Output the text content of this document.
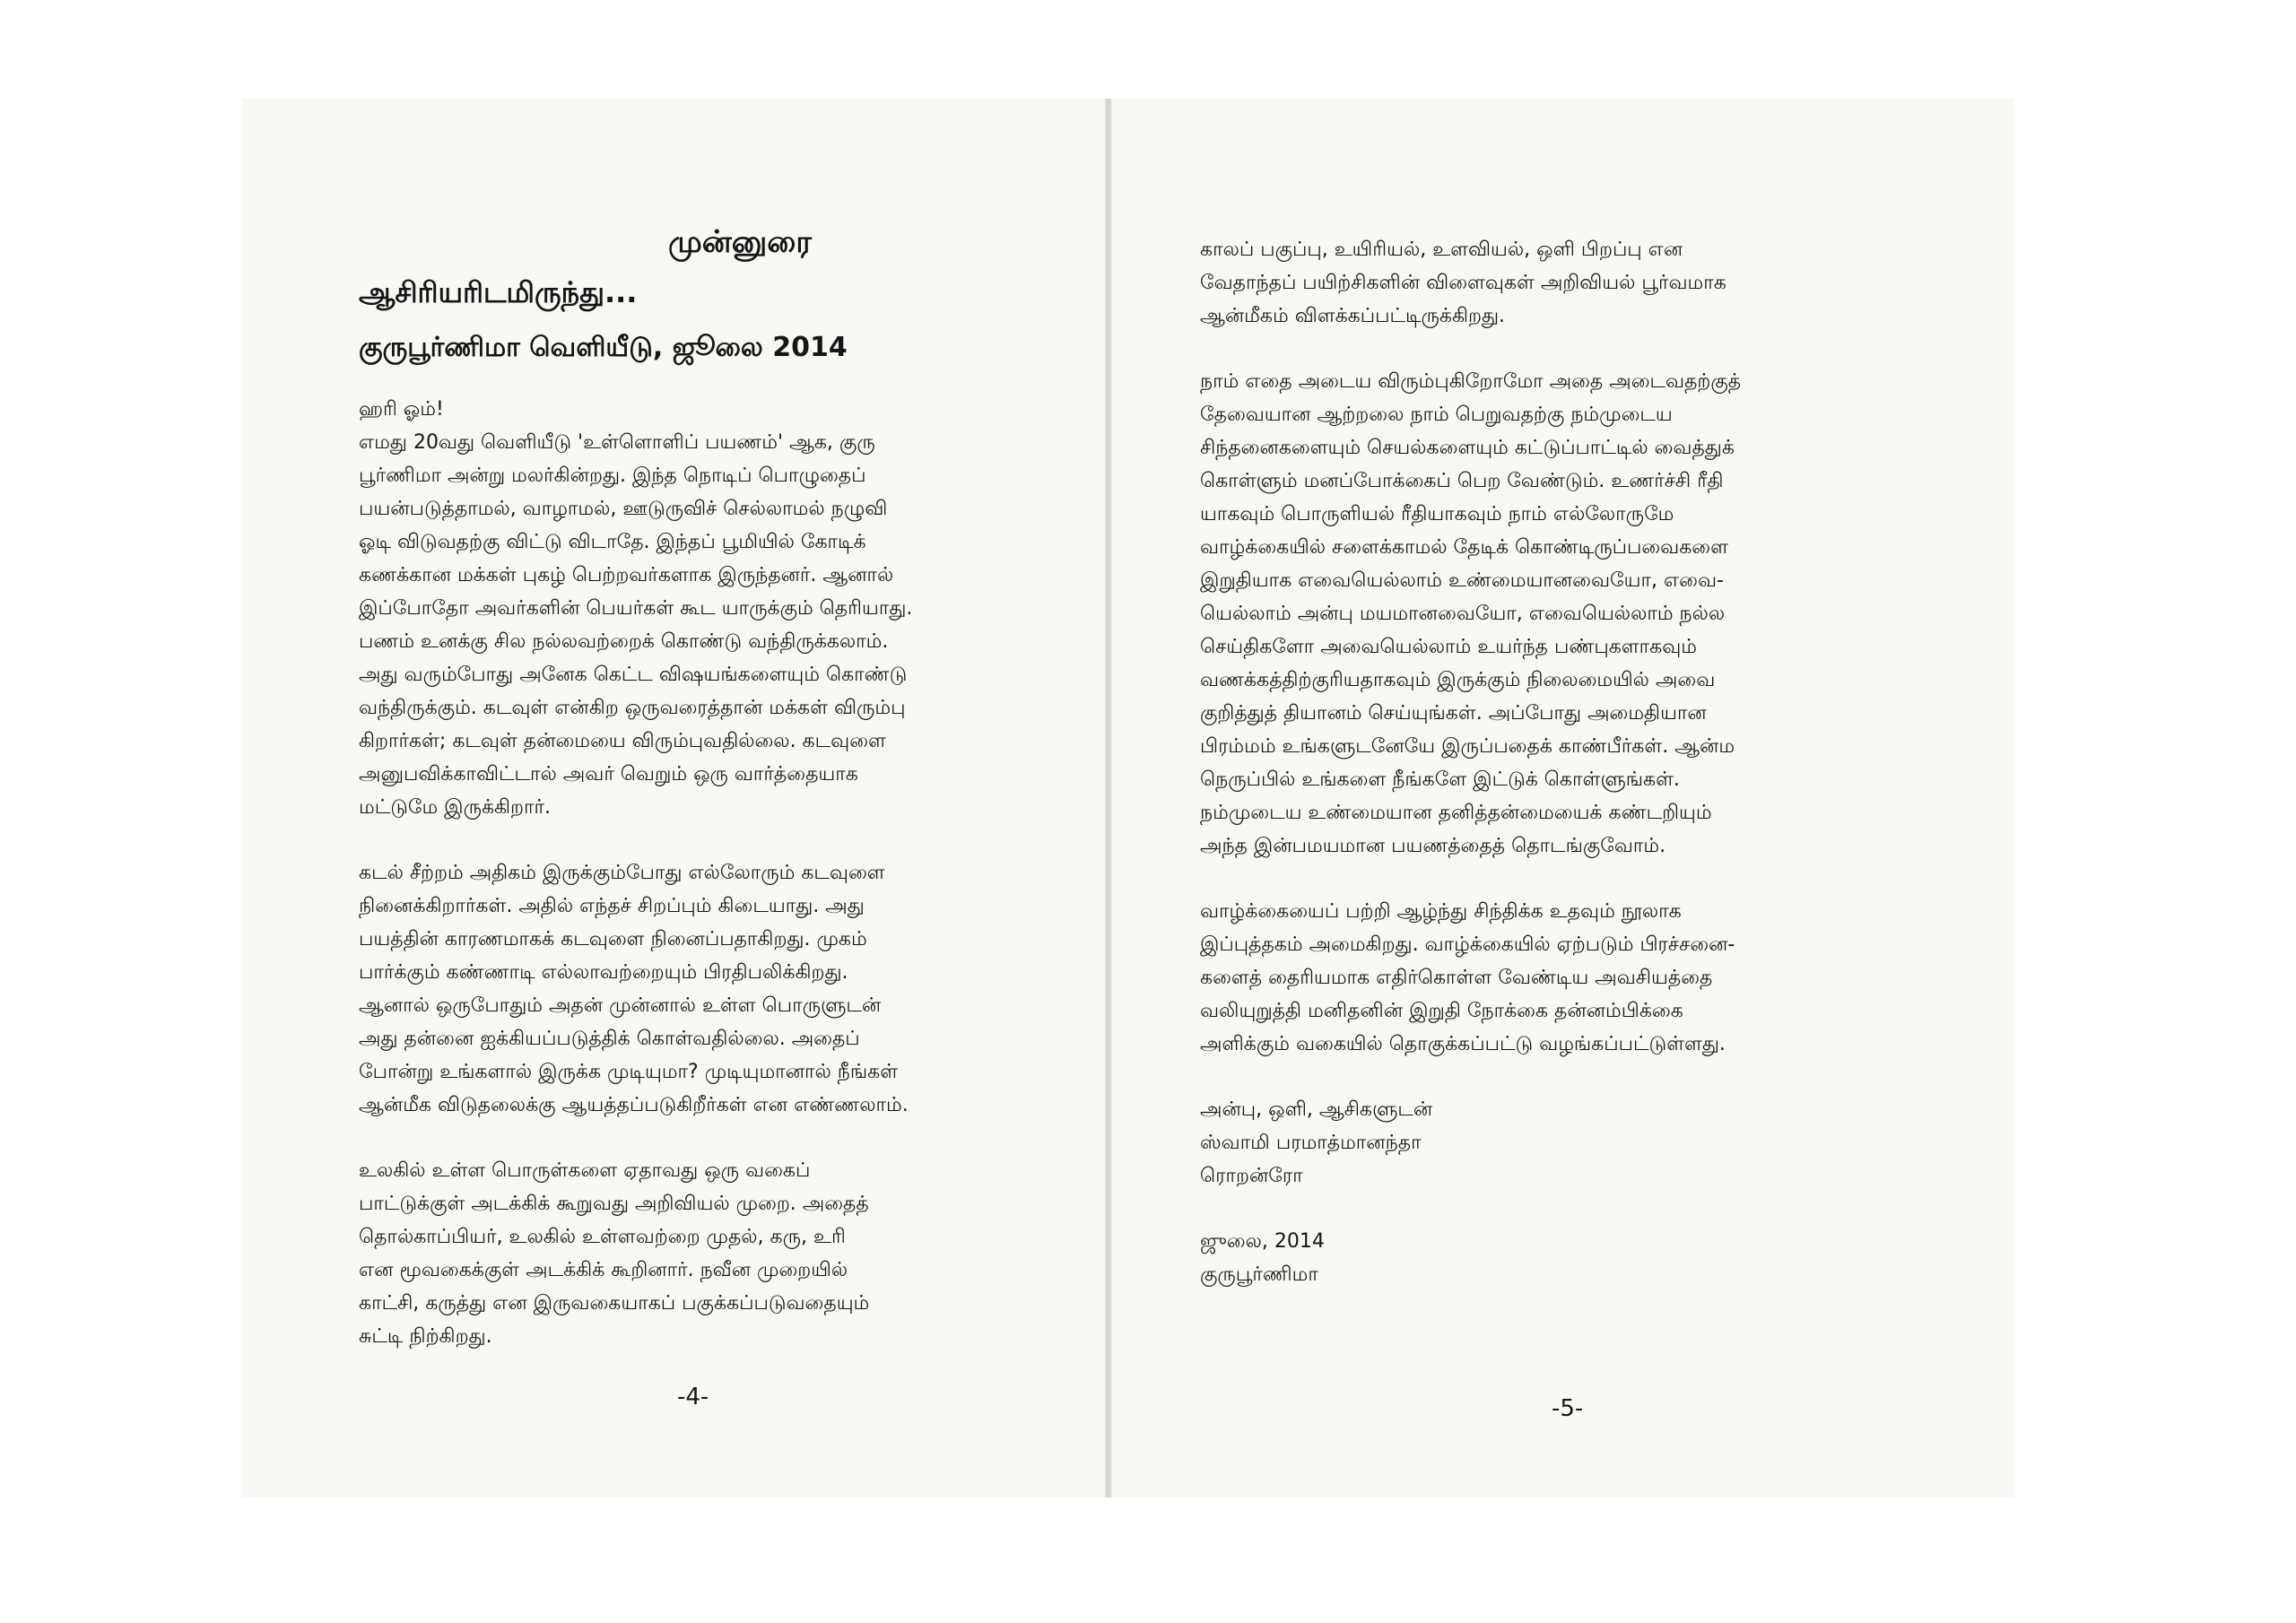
முன்னுரை
ஆசிரியரிடமிருந்து...
குருபூர்ணிமா வெளியீடு, ஜூலை 2014
ஹரி ஓம்!
எமது 20வது வெளியீடு 'உள்ளொளிப் பயணம்' ஆக, குரு
பூர்ணிமா அன்று மலர்கின்றது. இந்த நொடிப் பொழுதைப்
பயன்படுத்தாமல், வாழாமல், ஊடுருவிச் செல்லாமல் நழுவி
ஓடி விடுவதற்கு விட்டு விடாதே. இந்தப் பூமியில் கோடிக்
கணக்கான மக்கள் புகழ் பெற்றவர்களாக இருந்தனர். ஆனால்
இப்போதோ அவர்களின் பெயர்கள் கூட யாருக்கும் தெரியாது.
பணம் உனக்கு சில நல்லவற்றைக் கொண்டு வந்திருக்கலாம்.
அது வரும்போது அனேக கெட்ட விஷயங்களையும் கொண்டு
வந்திருக்கும். கடவுள் என்கிற ஒருவரைத்தான் மக்கள் விரும்பு
கிறார்கள்; கடவுள் தன்மையை விரும்புவதில்லை. கடவுளை
அனுபவிக்காவிட்டால் அவர் வெறும் ஒரு வார்த்தையாக
மட்டுமே இருக்கிறார்.
கடல் சீற்றம் அதிகம் இருக்கும்போது எல்லோரும் கடவுளை
நினைக்கிறார்கள். அதில் எந்தச் சிறப்பும் கிடையாது. அது
பயத்தின் காரணமாகக் கடவுளை நினைப்பதாகிறது. முகம்
பார்க்கும் கண்ணாடி எல்லாவற்றையும் பிரதிபலிக்கிறது.
ஆனால் ஒருபோதும் அதன் முன்னால் உள்ள பொருளுடன்
அது தன்னை ஐக்கியப்படுத்திக் கொள்வதில்லை. அதைப்
போன்று உங்களால் இருக்க முடியுமா? முடியுமானால் நீங்கள்
ஆன்மீக விடுதலைக்கு ஆயத்தப்படுகிறீர்கள் என எண்ணலாம்.
உலகில் உள்ள பொருள்களை ஏதாவது ஒரு வகைப்
பாட்டுக்குள் அடக்கிக் கூறுவது அறிவியல் முறை. அதைத்
தொல்காப்பியர், உலகில் உள்ளவற்றை முதல், கரு, உரி
என மூவகைக்குள் அடக்கிக் கூறினார். நவீன முறையில்
காட்சி, கருத்து என இருவகையாகப் பகுக்கப்படுவதையும்
சுட்டி நிற்கிறது.
-4-
காலப் பகுப்பு, உயிரியல், உளவியல், ஒளி பிறப்பு என
வேதாந்தப் பயிற்சிகளின் விளைவுகள் அறிவியல் பூர்வமாக
ஆன்மீகம் விளக்கப்பட்டிருக்கிறது.
நாம் எதை அடைய விரும்புகிறோமோ அதை அடைவதற்குத்
தேவையான ஆற்றலை நாம் பெறுவதற்கு நம்முடைய
சிந்தனைகளையும் செயல்களையும் கட்டுப்பாட்டில் வைத்துக்
கொள்ளும் மனப்போக்கைப் பெற வேண்டும். உணர்ச்சி ரீதி
யாகவும் பொருளியல் ரீதியாகவும் நாம் எல்லோருமே
வாழ்க்கையில் சளைக்காமல் தேடிக் கொண்டிருப்பவைகளை
இறுதியாக எவையெல்லாம் உண்மையானவையோ, எவை-
யெல்லாம் அன்பு மயமானவையோ, எவையெல்லாம் நல்ல
செய்திகளோ அவையெல்லாம் உயர்ந்த பண்புகளாகவும்
வணக்கத்திற்குரியதாகவும் இருக்கும் நிலைமையில் அவை
குறித்துத் தியானம் செய்யுங்கள். அப்போது அமைதியான
பிரம்மம் உங்களுடனேயே இருப்பதைக் காண்பீர்கள். ஆன்ம
நெருப்பில் உங்களை நீங்களே இட்டுக் கொள்ளுங்கள்.
நம்முடைய உண்மையான தனித்தன்மையைக் கண்டறியும்
அந்த இன்பமயமான பயணத்தைத் தொடங்குவோம்.
வாழ்க்கையைப் பற்றி ஆழ்ந்து சிந்திக்க உதவும் நூலாக
இப்புத்தகம் அமைகிறது. வாழ்க்கையில் ஏற்படும் பிரச்சனை-
களைத் தைரியமாக எதிர்கொள்ள வேண்டிய அவசியத்தை
வலியுறுத்தி மனிதனின் இறுதி நோக்கை தன்னம்பிக்கை
அளிக்கும் வகையில் தொகுக்கப்பட்டு வழங்கப்பட்டுள்ளது.
அன்பு, ஒளி, ஆசிகளுடன்
ஸ்வாமி பரமாத்மானந்தா
ரொறன்ரோ
ஜுலை, 2014
குருபூர்ணிமா
-5-
